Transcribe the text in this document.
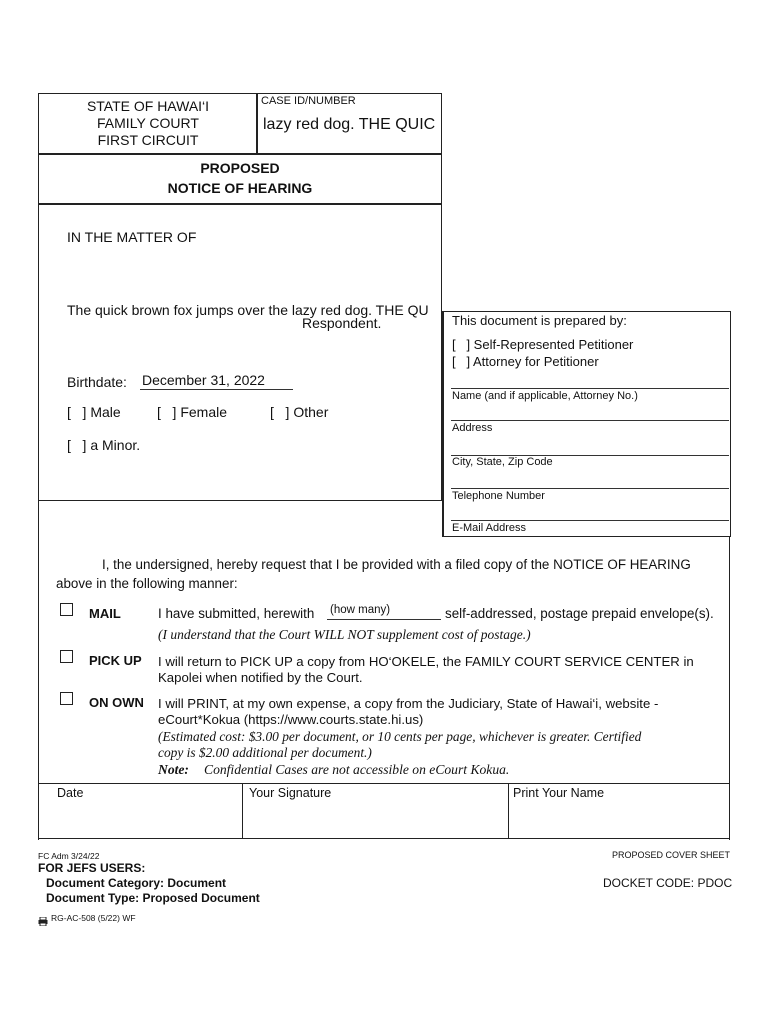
STATE OF HAWAI‘I
FAMILY COURT
FIRST CIRCUIT
CASE ID/NUMBER
lazy red dog. THE QUIC
PROPOSED
NOTICE OF HEARING
IN THE MATTER OF
The quick brown fox jumps over the lazy red dog. THE QU
Respondent.
Birthdate: December 31, 2022
[   ] Male	[   ] Female	[   ] Other
[   ] a Minor.
This document is prepared by:
[   ] Self-Represented Petitioner
[   ] Attorney for Petitioner
Name (and if applicable, Attorney No.)
Address
City, State, Zip Code
Telephone Number
E-Mail Address
I, the undersigned, hereby request that I be provided with a filed copy of the NOTICE OF HEARING
above in the following manner:
MAIL	I have submitted, herewith (how many)	self-addressed, postage prepaid envelope(s).
(I understand that the Court WILL NOT supplement cost of postage.)
PICK UP I will return to PICK UP a copy from HO‘OKELE, the FAMILY COURT SERVICE CENTER in
Kapolei when notified by the Court.
ON OWN I will PRINT, at my own expense, a copy from the Judiciary, State of Hawai‘i, website -
eCourt*Kokua (https://www.courts.state.hi.us)
(Estimated cost: $3.00 per document, or 10 cents per page, whichever is greater. Certified
copy is $2.00 additional per document.)
Note: Confidential Cases are not accessible on eCourt Kokua.
Date	Your Signature	Print Your Name
FC Adm 3/24/22
FOR JEFS USERS:
Document Category: Document
Document Type: Proposed Document
RG-AC-508 (5/22) WF
PROPOSED COVER SHEET
DOCKET CODE: PDOC
